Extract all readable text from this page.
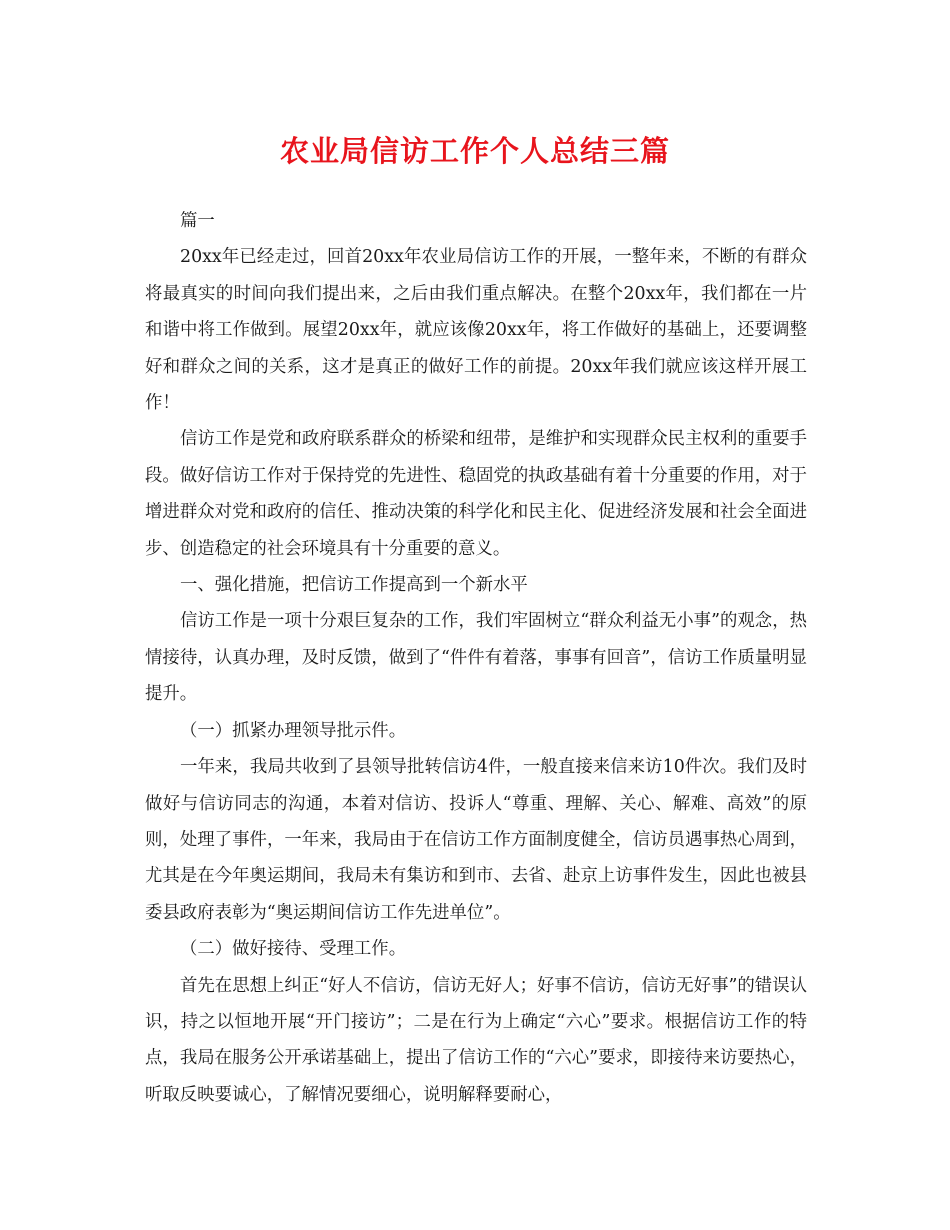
农业局信访工作个人总结三篇

篇一

20xx年已经走过，回首20xx年农业局信访工作的开展，一整年来，不断的有群众将最真实的时间向我们提出来，之后由我们重点解决。在整个20xx年，我们都在一片和谐中将工作做到。展望20xx年，就应该像20xx年，将工作做好的基础上，还要调整好和群众之间的关系，这才是真正的做好工作的前提。20xx年我们就应该这样开展工作！

信访工作是党和政府联系群众的桥梁和纽带，是维护和实现群众民主权利的重要手段。做好信访工作对于保持党的先进性、稳固党的执政基础有着十分重要的作用，对于增进群众对党和政府的信任、推动决策的科学化和民主化、促进经济发展和社会全面进步、创造稳定的社会环境具有十分重要的意义。

一、强化措施，把信访工作提高到一个新水平

信访工作是一项十分艰巨复杂的工作，我们牢固树立“群众利益无小事”的观念，热情接待，认真办理，及时反馈，做到了“件件有着落，事事有回音”，信访工作质量明显提升。

（一）抓紧办理领导批示件。

一年来，我局共收到了县领导批转信访4件，一般直接来信来访10件次。我们及时做好与信访同志的沟通，本着对信访、投诉人“尊重、理解、关心、解难、高效”的原则，处理了事件，一年来，我局由于在信访工作方面制度健全，信访员遇事热心周到，尤其是在今年奥运期间，我局未有集访和到市、去省、赴京上访事件发生，因此也被县委县政府表彰为“奥运期间信访工作先进单位”。

（二）做好接待、受理工作。

首先在思想上纠正“好人不信访，信访无好人；好事不信访，信访无好事”的错误认识，持之以恒地开展“开门接访”；二是在行为上确定“六心”要求。根据信访工作的特点，我局在服务公开承诺基础上，提出了信访工作的“六心”要求，即接待来访要热心，听取反映要诚心，了解情况要细心，说明解释要耐心，
